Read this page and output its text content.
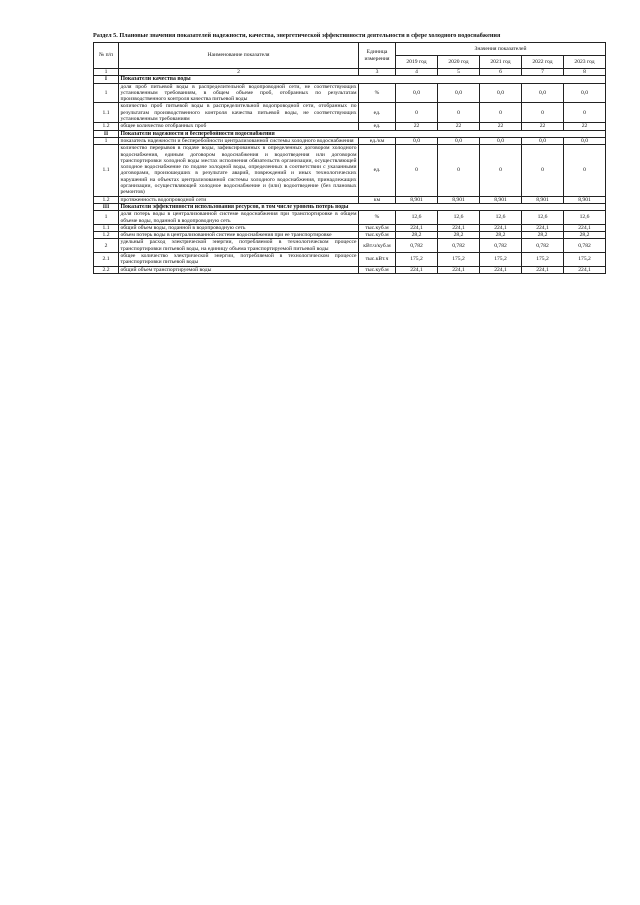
Раздел 5. Плановые значения показателей надежности, качества, энергетической эффективности деятельности в сфере холодного водоснабжения
№ п/п	Наименование показателя	Единица измерения	Значения показателей				
			2019 год	2020 год	2021 год	2022 год	2023 год
1	2	3	4	5	6	7	8
I	Показатели качества воды						
1	доля проб питьевой воды в распределительной водопроводной сети, не соответствующих установленным требованиям, в общем объеме проб, отобранных по результатам производственного контроля качества питьевой воды	%	0,0	0,0	0,0	0,0	0,0
1.1	количество проб питьевой воды в распределительной водопроводной сети, отобранных по результатам производственного контроля качества питьевой воды, не соответствующих установленным требованиям	ед.	0	0	0	0	0
1.2	общее количество отобранных проб	ед.	22	22	22	22	22
II	Показатели надежности и бесперебойности водоснабжения						
1	показатель надежности и бесперебойности централизованной системы холодного водоснабжения	ед./км	0,0	0,0	0,0	0,0	0,0
1.1	количество перерывов в подаче воды, зафиксированных в определенных договором холодного водоснабжения, единым договором водоснабжения и водоотведения или договором транспортировки холодной воды местах исполнения обязательств организации, осуществляющей холодное водоснабжение по подаче холодной воды, определенных в соответствии с указанными договорами, произошедших в результате аварий, повреждений и иных технологических нарушений на объектах централизованной системы холодного водоснабжения, принадлежащих организации, осуществляющей холодное водоснабжение и (или) водоотведение (без плановых ремонтов)	ед.	0	0	0	0	0
1.2	протяженность водопроводной сети	км	8,901	8,901	8,901	8,901	8,901
III	Показатели эффективности использования ресурсов, в том числе уровень потерь воды						
1	доля потерь воды в централизованной системе водоснабжения при транспортировке в общем объеме воды, поданной в водопроводную сеть	%	12,6	12,6	12,6	12,6	12,6
1.1	общий объем воды, поданной в водопроводную сеть	тыс.куб.м	224,1	224,1	224,1	224,1	224,1
1.2	объем потерь воды в централизованной системе водоснабжения при ее транспортировке	тыс.куб.м	28,2	28,2	28,2	28,2	28,2
2	удельный расход электрической энергии, потребляемой в технологическом процессе транспортировки питьевой воды, на единицу объема транспортируемой питьевой воды	кВт.ч/куб.м	0,782	0,782	0,782	0,782	0,782
2.1	общее количество электрической энергии, потребляемой в технологическом процессе транспортировки питьевой воды	тыс.кВт.ч	175,2	175,2	175,2	175,2	175,2
2.2	общий объем транспортируемой воды	тыс.куб.м	224,1	224,1	224,1	224,1	224,1
